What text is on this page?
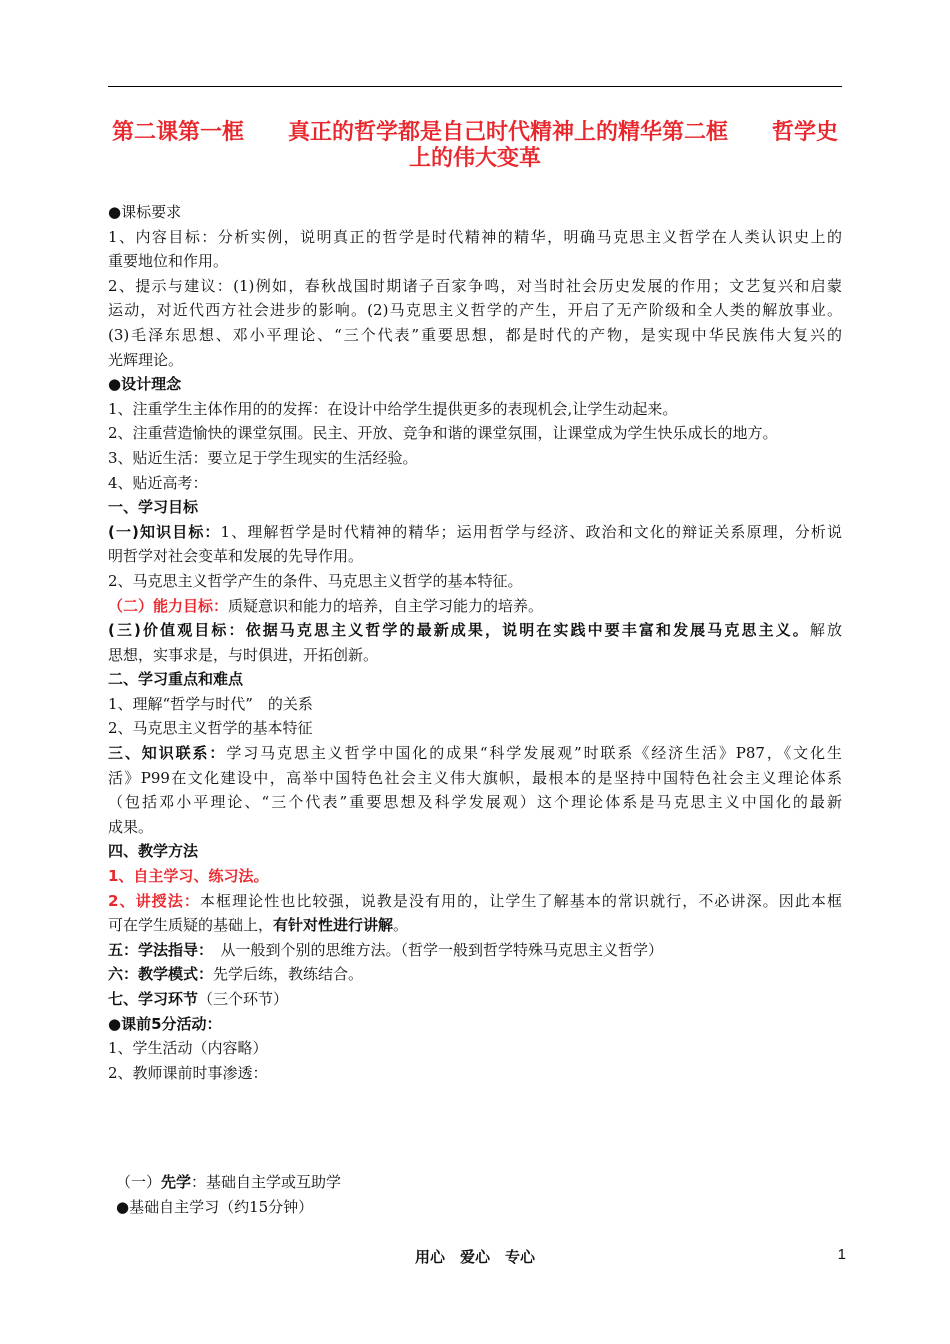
第二课第一框　　真正的哲学都是自己时代精神上的精华第二框　　哲学史
上的伟大变革
●课标要求
1、内容目标：分析实例，说明真正的哲学是时代精神的精华，明确马克思主义哲学在人类认识史上的
重要地位和作用。
2、提示与建议：(1)例如，春秋战国时期诸子百家争鸣，对当时社会历史发展的作用；文艺复兴和启蒙
运动，对近代西方社会进步的影响。(2)马克思主义哲学的产生，开启了无产阶级和全人类的解放事业。
(3)毛泽东思想、邓小平理论、“三个代表”重要思想，都是时代的产物，是实现中华民族伟大复兴的
光辉理论。
●设计理念
1、注重学生主体作用的的发挥：在设计中给学生提供更多的表现机会,让学生动起来。
2、注重营造愉快的课堂氛围。民主、开放、竞争和谐的课堂氛围，让课堂成为学生快乐成长的地方。
3、贴近生活：要立足于学生现实的生活经验。
4、贴近高考：
一、学习目标
(一)知识目标：1、理解哲学是时代精神的精华；运用哲学与经济、政治和文化的辩证关系原理，分析说
明哲学对社会变革和发展的先导作用。
2、马克思主义哲学产生的条件、马克思主义哲学的基本特征。
（二）能力目标：质疑意识和能力的培养，自主学习能力的培养。
(三)价值观目标：依据马克思主义哲学的最新成果，说明在实践中要丰富和发展马克思主义。解放
思想，实事求是，与时俱进，开拓创新。
二、学习重点和难点
1、理解“哲学与时代”　的关系
2、马克思主义哲学的基本特征
三、知识联系：学习马克思主义哲学中国化的成果“科学发展观”时联系《经济生活》P87，《文化生
活》P99在文化建设中，高举中国特色社会主义伟大旗帜，最根本的是坚持中国特色社会主义理论体系
（包括邓小平理论、“三个代表”重要思想及科学发展观）这个理论体系是马克思主义中国化的最新
成果。
四、教学方法
1、自主学习、练习法。
2、讲授法：本框理论性也比较强，说教是没有用的，让学生了解基本的常识就行，不必讲深。因此本框
可在学生质疑的基础上，有针对性进行讲解。
五：学法指导：　从一般到个别的思维方法。（哲学一般到哲学特殊马克思主义哲学）
六：教学模式：先学后练，教练结合。
七、学习环节（三个环节）
●课前5分活动：
1、学生活动（内容略）
2、教师课前时事渗透：
（一）先学：基础自主学或互助学
●基础自主学习（约15分钟）
用心　爱心　专心	1
